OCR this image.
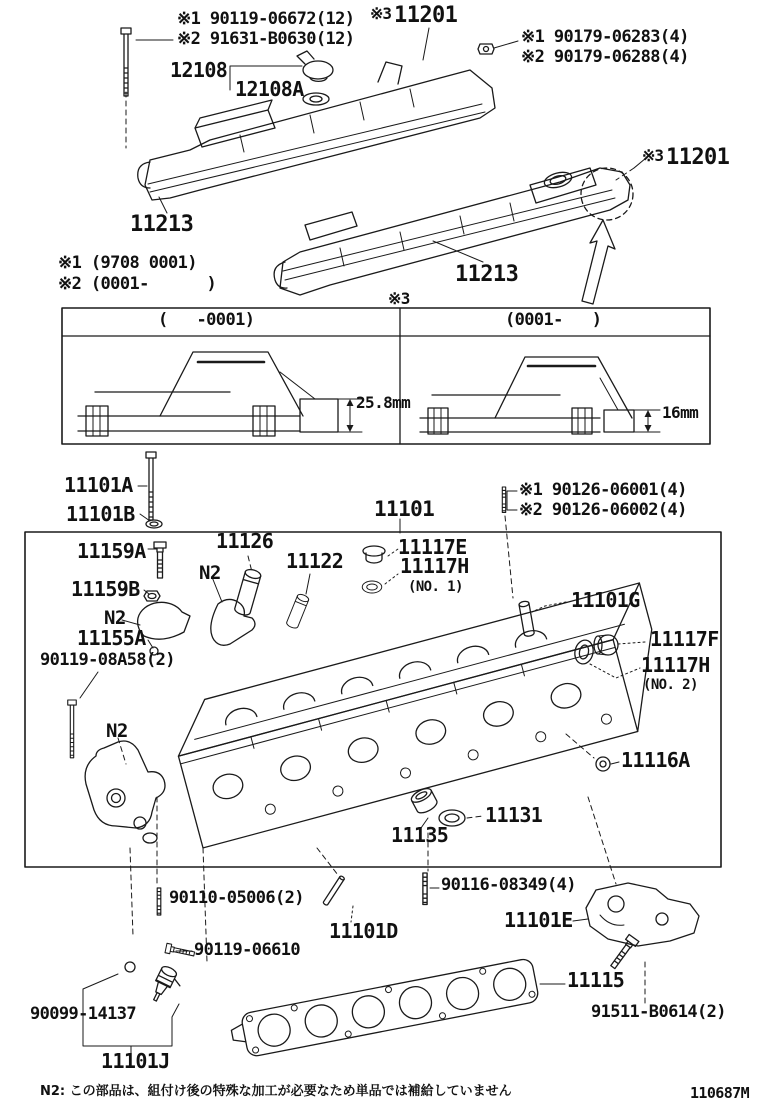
※1 90119-06672(12)
※2 91631-B0630(12)
※3 11201
12108
12108A
※1 90179-06283(4)
※2 90179-06288(4)
※3 11201
11213
※1 (9708 0001)
※2 (0001-      )	11213
※3
(   -0001)	(0001-   )
25.8mm
16mm
11101A
11101B	11101
※1 90126-06001(4)
※2 90126-06002(4)
11159A	11126
11122
11117E
11117H
(NO. 1)
11159B
N2
N2
11155A
90119-08A58(2)
N2
11101G
11117F
11117H
(NO. 2)
11116A
11131
11135
90110-05006(2)
11101D
90116-08349(4)
11101E
90119-06610
11115
91511-B0614(2)
90099-14137
11101J
N2: この部品は、組付け後の特殊な加工が必要なため単品では補給していません	110687M
